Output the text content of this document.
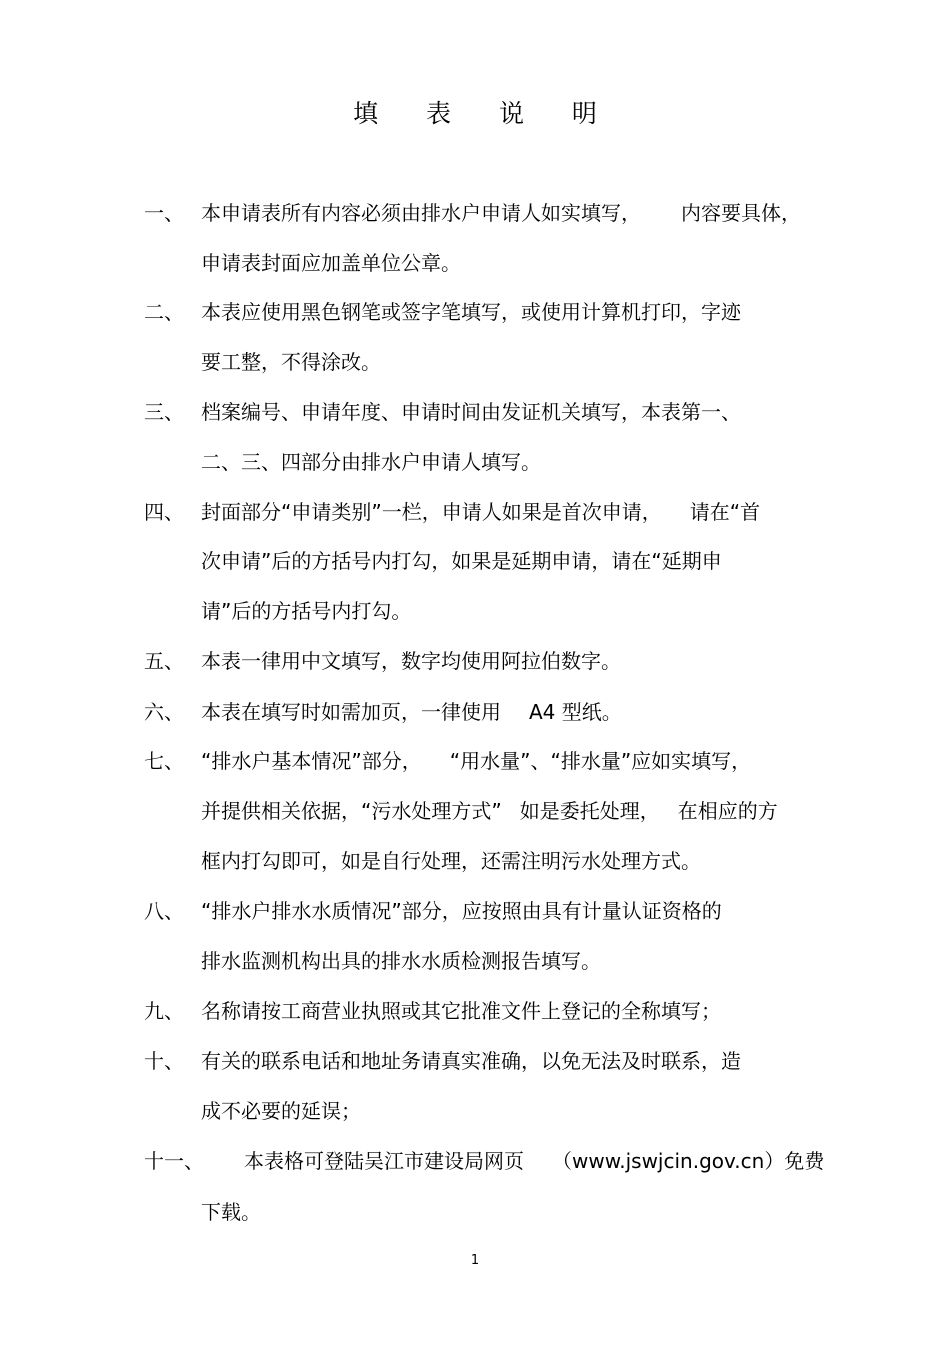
填 表 说 明
一、 本申请表所有内容必须由排水户申请人如实填写， 内容要具体，
申请表封面应加盖单位公章。
二、 本表应使用黑色钢笔或签字笔填写，或使用计算机打印，字迹
要工整，不得涂改。
三、 档案编号、申请年度、申请时间由发证机关填写，本表第一、
二、三、四部分由排水户申请人填写。
四、 封面部分“申请类别”一栏，申请人如果是首次申请， 请在“首
次申请”后的方括号内打勾，如果是延期申请，请在“延期申
请”后的方括号内打勾。
五、 本表一律用中文填写，数字均使用阿拉伯数字。
六、 本表在填写时如需加页，一律使用 A4 型纸。
七、 “排水户基本情况”部分， “用水量”、“排水量”应如实填写，
并提供相关依据，“污水处理方式” 如是委托处理， 在相应的方
框内打勾即可，如是自行处理，还需注明污水处理方式。
八、 “排水户排水水质情况”部分，应按照由具有计量认证资格的
排水监测机构出具的排水水质检测报告填写。
九、 名称请按工商营业执照或其它批准文件上登记的全称填写；
十、 有关的联系电话和地址务请真实准确，以免无法及时联系，造
成不必要的延误；
十一、 本表格可登陆吴江市建设局网页 （www.jswjcin.gov.cn）免费
下载。
1
